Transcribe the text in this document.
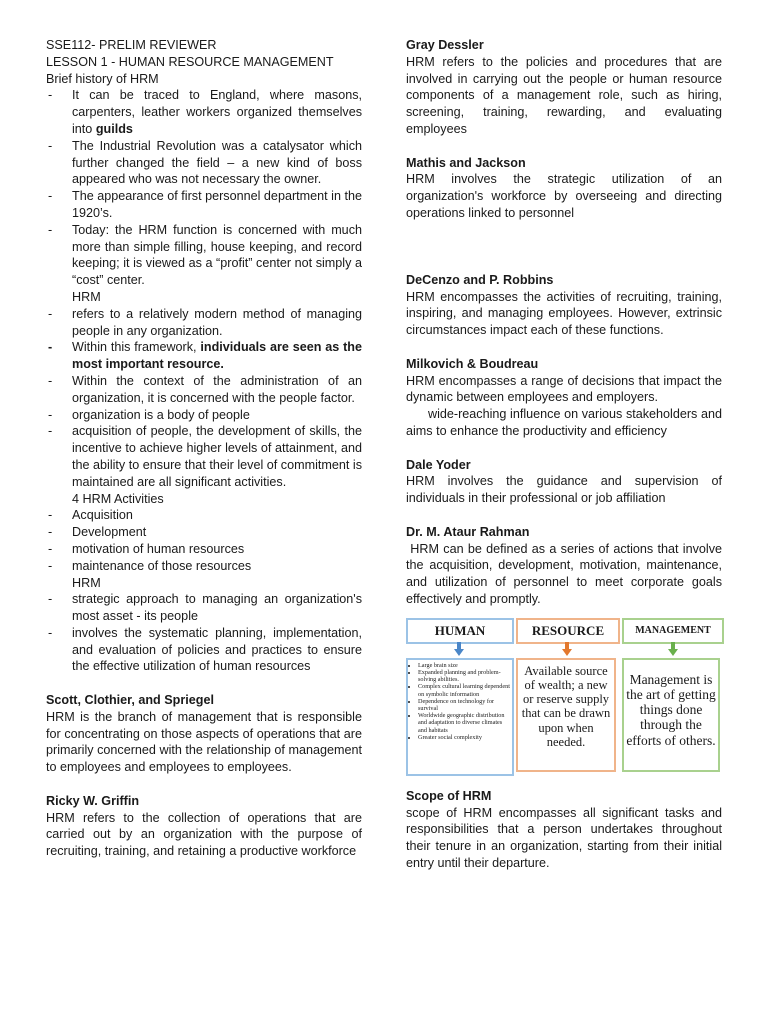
SSE112- PRELIM REVIEWER

LESSON 1 - HUMAN RESOURCE MANAGEMENT

Brief history of HRM

- It can be traced to England, where masons, carpenters, leather workers organized themselves into guilds
- The Industrial Revolution was a catalysator which further changed the field – a new kind of boss appeared who was not necessary the owner.
- The appearance of first personnel department in the 1920’s.
- Today: the HRM function is concerned with much more than simple filling, house keeping, and record keeping; it is viewed as a “profit” center not simply a “cost” center.

HRM

- refers to a relatively modern method of managing people in any organization.
- Within this framework, individuals are seen as the most important resource.
- Within the context of the administration of an organization, it is concerned with the people factor.
- organization is a body of people
- acquisition of people, the development of skills, the incentive to achieve higher levels of attainment, and the ability to ensure that their level of commitment is maintained are all significant activities.

4 HRM Activities

- Acquisition
- Development
- motivation of human resources
- maintenance of those resources

HRM

- strategic approach to managing an organization's most asset - its people
- involves the systematic planning, implementation, and evaluation of policies and practices to ensure the effective utilization of human resources

Scott, Clothier, and Spriegel

HRM is the branch of management that is responsible for concentrating on those aspects of operations that are primarily concerned with the relationship of management to employees and employees to employees.

Ricky W. Griffin

HRM refers to the collection of operations that are carried out by an organization with the purpose of recruiting, training, and retaining a productive workforce

Gray Dessler

HRM refers to the policies and procedures that are involved in carrying out the people or human resource components of a management role, such as hiring, screening, training, rewarding, and evaluating employees

Mathis and Jackson

HRM involves the strategic utilization of an organization's workforce by overseeing and directing operations linked to personnel

DeCenzo and P. Robbins

HRM encompasses the activities of recruiting, training, inspiring, and managing employees. However, extrinsic circumstances impact each of these functions.

Milkovich & Boudreau

HRM encompasses a range of decisions that impact the dynamic between employees and employers.

wide-reaching influence on various stakeholders and aims to enhance the productivity and efficiency

Dale Yoder

HRM involves the guidance and supervision of individuals in their professional or job affiliation

Dr. M. Ataur Rahman

HRM can be defined as a series of actions that involve the acquisition, development, motivation, maintenance, and utilization of personnel to meet corporate goals effectively and promptly.

HUMAN	RESOURCE	MANAGEMENT
• Large brain size
• Expanded planning and problem-solving abilities.
• Complex cultural learning dependent on symbolic information
• Dependence on technology for survival
• Worldwide geographic distribution and adaptation to diverse climates and habitats
• Greater social complexity
Available source of wealth; a new or reserve supply that can be drawn upon when needed.
Management is the art of getting things done through the efforts of others.

Scope of HRM

scope of HRM encompasses all significant tasks and responsibilities that a person undertakes throughout their tenure in an organization, starting from their initial entry until their departure.
